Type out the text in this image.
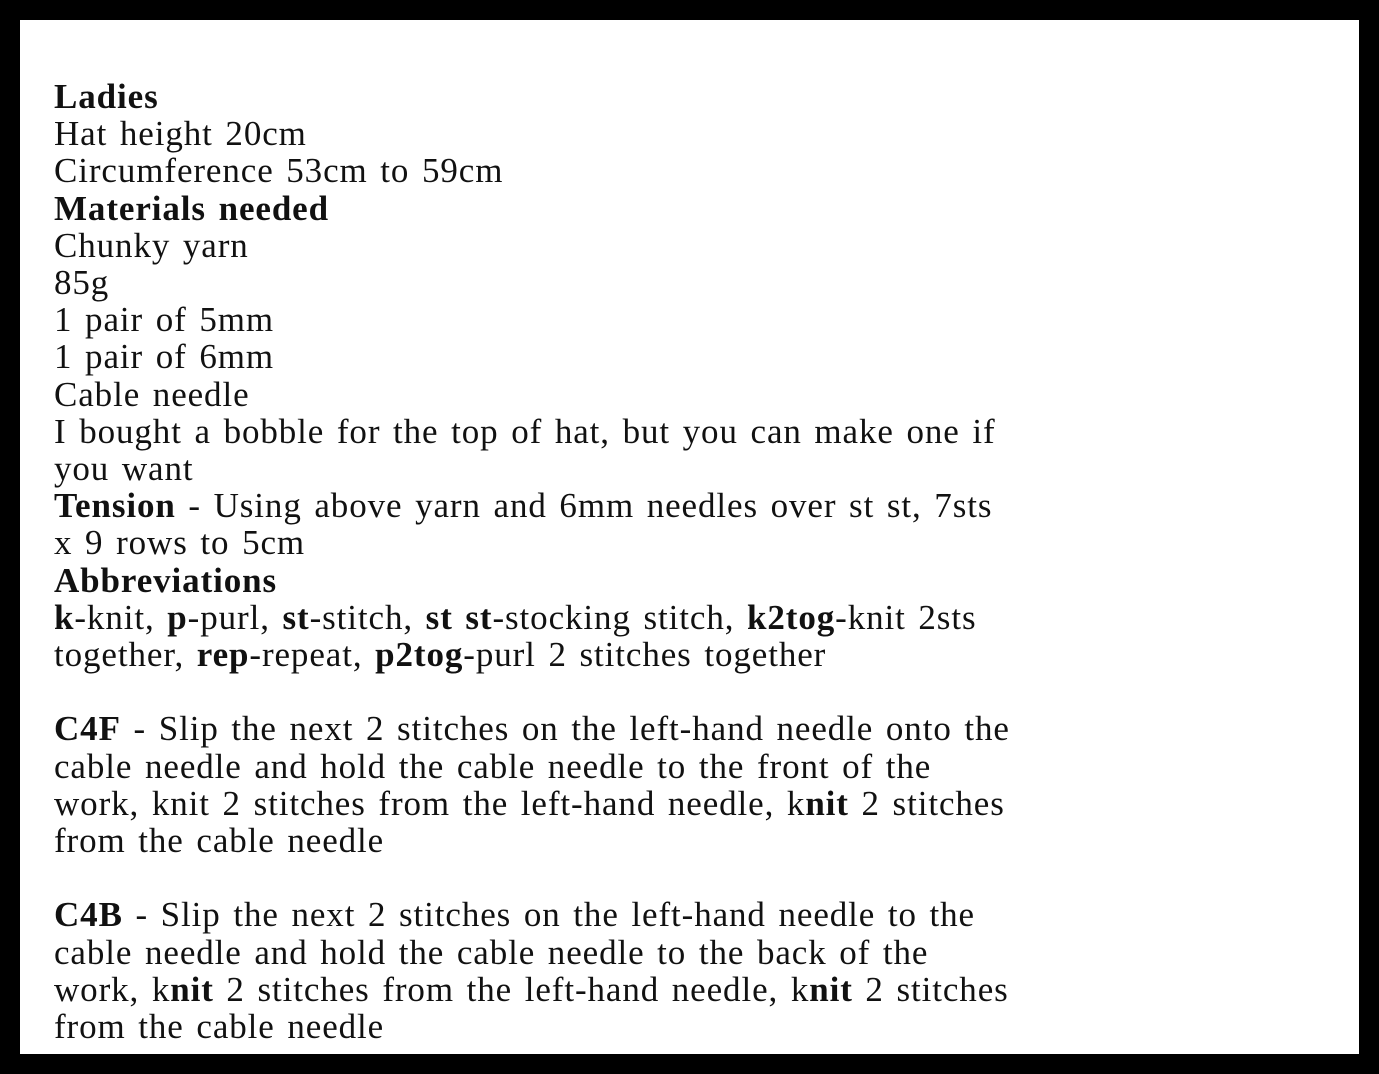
Ladies
Hat height 20cm
Circumference 53cm to 59cm
Materials needed
Chunky yarn
85g
1 pair of 5mm
1 pair of 6mm
Cable needle
I bought a bobble for the top of hat, but you can make one if
you want
Tension - Using above yarn and 6mm needles over st st, 7sts
x 9 rows to 5cm
Abbreviations
k-knit, p-purl, st-stitch, st st-stocking stitch, k2tog-knit 2sts
together, rep-repeat, p2tog-purl 2 stitches together
C4F - Slip the next 2 stitches on the left-hand needle onto the
cable needle and hold the cable needle to the front of the
work, knit 2 stitches from the left-hand needle, knit 2 stitches
from the cable needle
C4B - Slip the next 2 stitches on the left-hand needle to the
cable needle and hold the cable needle to the back of the
work, knit 2 stitches from the left-hand needle, knit 2 stitches
from the cable needle
